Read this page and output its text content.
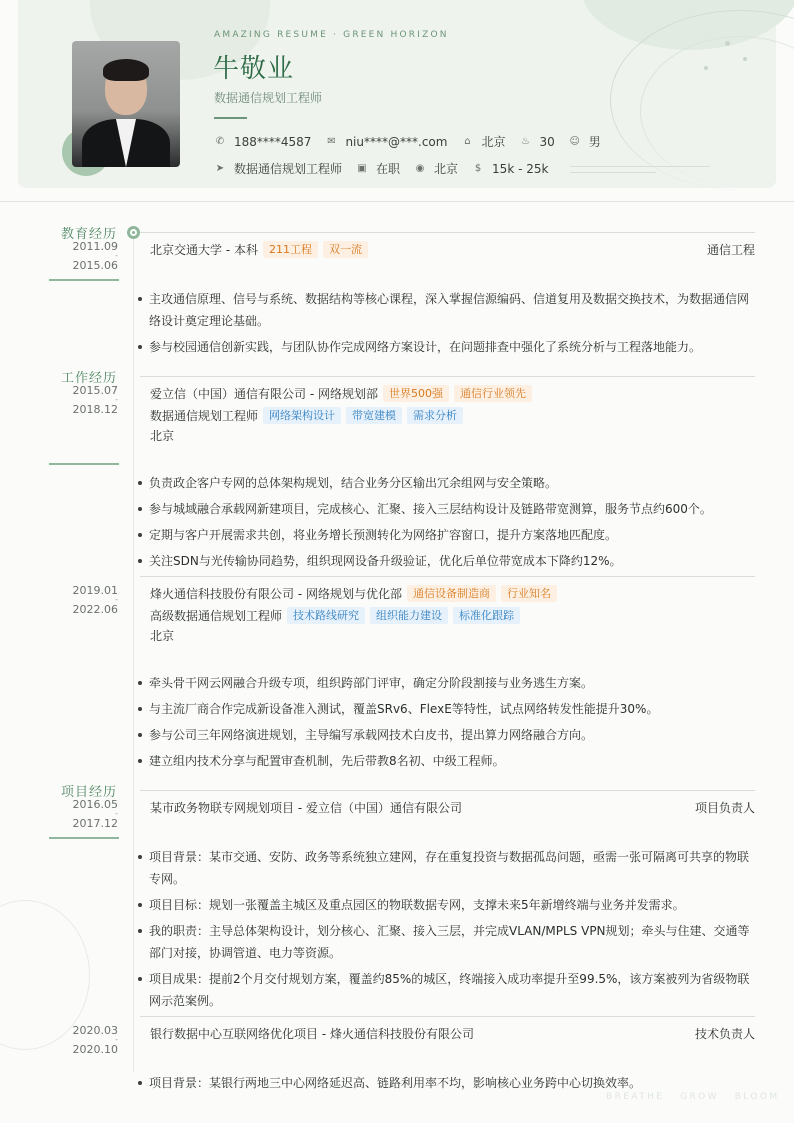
AMAZING RESUME · GREEN HORIZON
牛敬业
数据通信规划工程师
✆ 188****4587 ✉ niu****@***.com ⌂ 北京 ♨ 30 ☺ 男
➤ 数据通信规划工程师 ▣ 在职 ◉ 北京 $ 15k - 25k
教育经历
2011.09
-
2015.06
北京交通大学 - 本科	211工程	双一流	通信工程
主攻通信原理、信号与系统、数据结构等核心课程，深入掌握信源编码、信道复用及数据交换技术，为数据通信网络设计奠定理论基础。
参与校园通信创新实践，与团队协作完成网络方案设计，在问题排查中强化了系统分析与工程落地能力。
工作经历
2015.07
-
2018.12
爱立信（中国）通信有限公司 - 网络规划部	世界500强	通信行业领先
数据通信规划工程师	网络架构设计	带宽建模	需求分析
北京
负责政企客户专网的总体架构规划，结合业务分区输出冗余组网与安全策略。
参与城域融合承载网新建项目，完成核心、汇聚、接入三层结构设计及链路带宽测算，服务节点约600个。
定期与客户开展需求共创，将业务增长预测转化为网络扩容窗口，提升方案落地匹配度。
关注SDN与光传输协同趋势，组织现网设备升级验证，优化后单位带宽成本下降约12%。
2019.01
-
2022.06
烽火通信科技股份有限公司 - 网络规划与优化部	通信设备制造商	行业知名
高级数据通信规划工程师	技术路线研究	组织能力建设	标准化跟踪
北京
牵头骨干网云网融合升级专项，组织跨部门评审，确定分阶段割接与业务逃生方案。
与主流厂商合作完成新设备准入测试，覆盖SRv6、FlexE等特性，试点网络转发性能提升30%。
参与公司三年网络演进规划，主导编写承载网技术白皮书，提出算力网络融合方向。
建立组内技术分享与配置审查机制，先后带教8名初、中级工程师。
项目经历
2016.05
-
2017.12
某市政务物联专网规划项目 - 爱立信（中国）通信有限公司	项目负责人
项目背景：某市交通、安防、政务等系统独立建网，存在重复投资与数据孤岛问题，亟需一张可隔离可共享的物联专网。
项目目标：规划一张覆盖主城区及重点园区的物联数据专网，支撑未来5年新增终端与业务并发需求。
我的职责：主导总体架构设计，划分核心、汇聚、接入三层，并完成VLAN/MPLS VPN规划；牵头与住建、交通等部门对接，协调管道、电力等资源。
项目成果：提前2个月交付规划方案，覆盖约85%的城区，终端接入成功率提升至99.5%，该方案被列为省级物联网示范案例。
2020.03
-
2020.10
银行数据中心互联网络优化项目 - 烽火通信科技股份有限公司	技术负责人
项目背景：某银行两地三中心网络延迟高、链路利用率不均，影响核心业务跨中心切换效率。
BREATHE · GROW · BLOOM
